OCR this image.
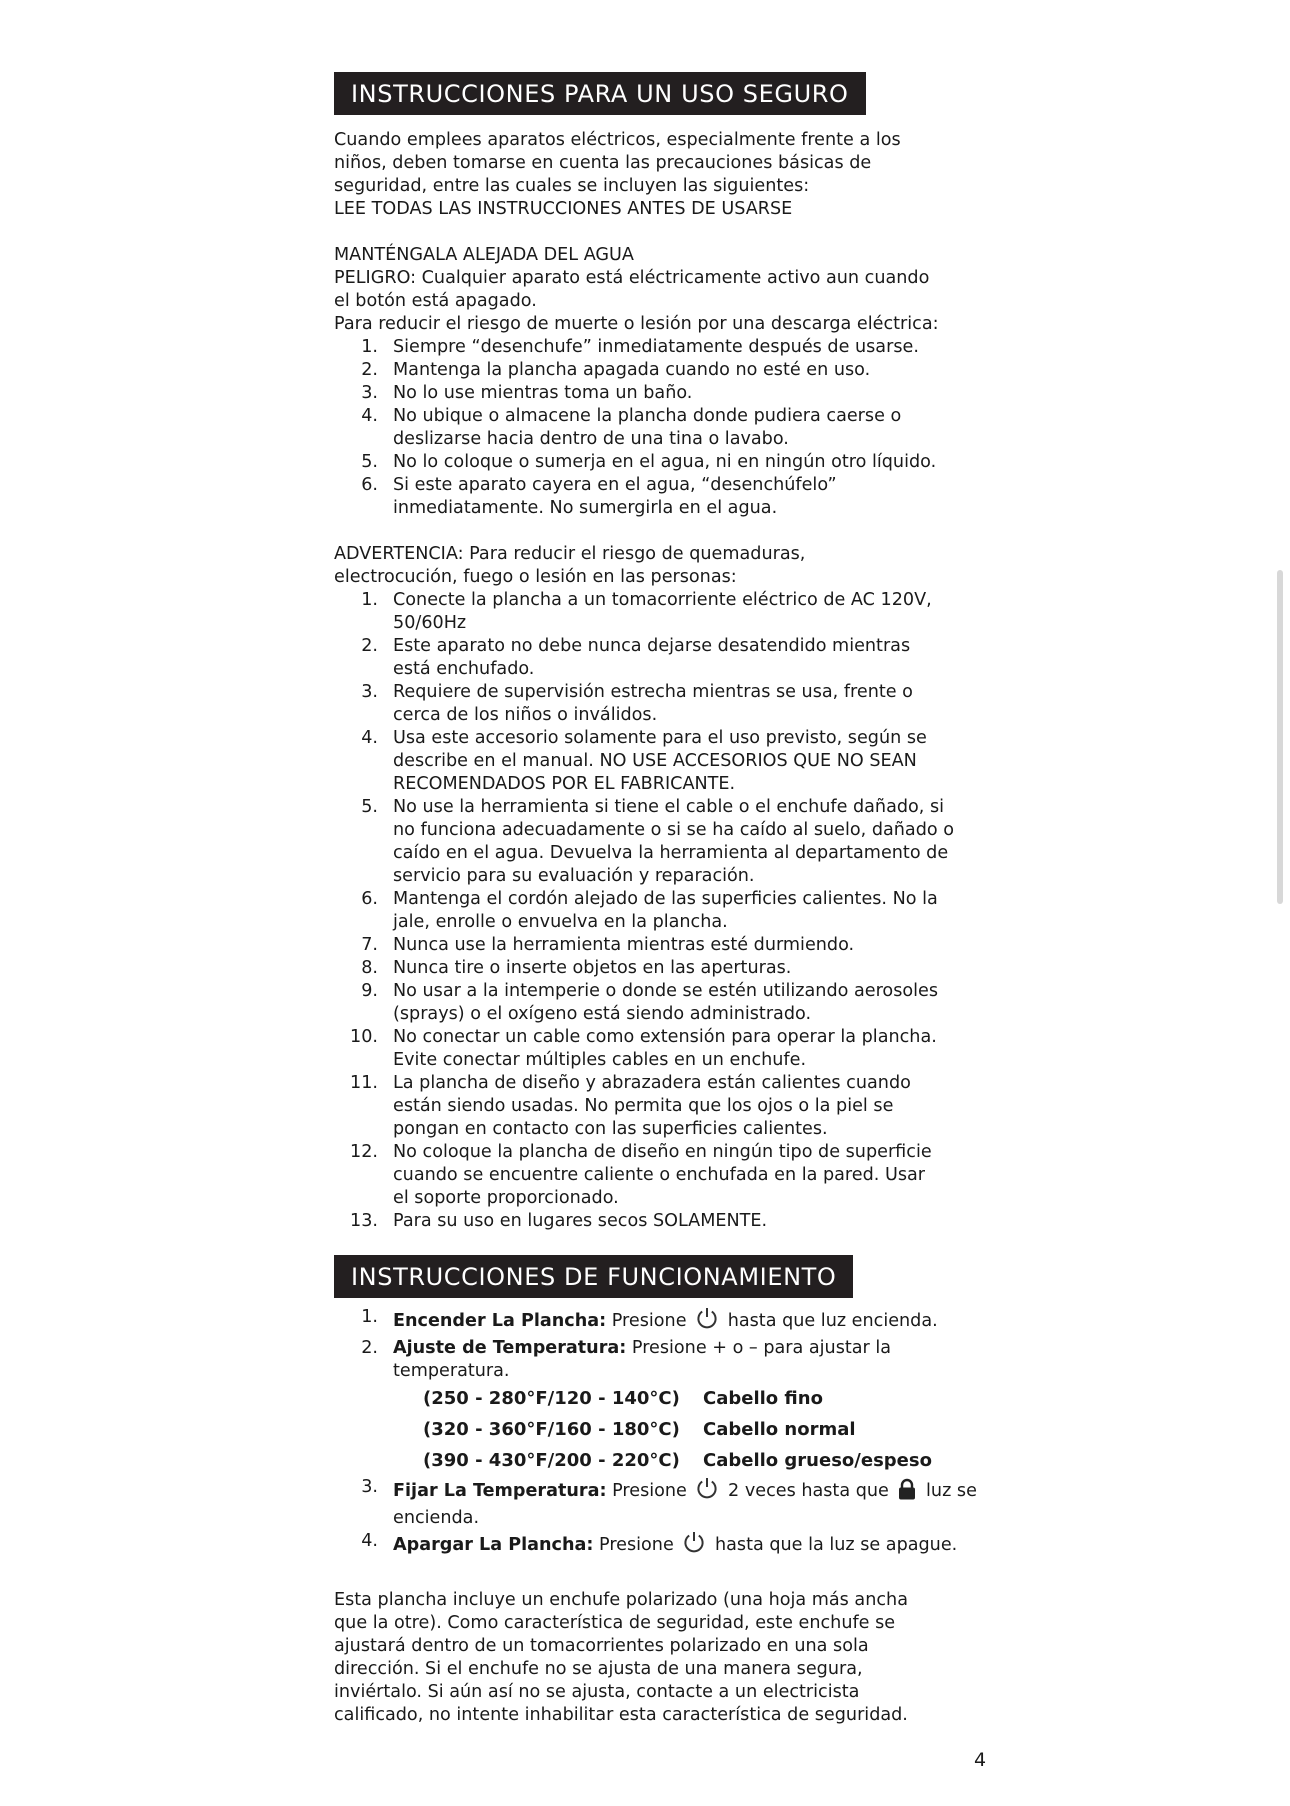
INSTRUCCIONES PARA UN USO SEGURO

Cuando emplees aparatos eléctricos, especialmente frente a los

niños, deben tomarse en cuenta las precauciones básicas de

seguridad, entre las cuales se incluyen las siguientes:

LEE TODAS LAS INSTRUCCIONES ANTES DE USARSE

MANTÉNGALA ALEJADA DEL AGUA

PELIGRO: Cualquier aparato está eléctricamente activo aun cuando

el botón está apagado.

Para reducir el riesgo de muerte o lesión por una descarga eléctrica:

1. Siempre “desenchufe” inmediatamente después de usarse.
2. Mantenga la plancha apagada cuando no esté en uso.
3. No lo use mientras toma un baño.
4. No ubique o almacene la plancha donde pudiera caerse o
deslizarse hacia dentro de una tina o lavabo.
5. No lo coloque o sumerja en el agua, ni en ningún otro líquido.
6. Si este aparato cayera en el agua, “desenchúfelo”
inmediatamente. No sumergirla en el agua.

ADVERTENCIA: Para reducir el riesgo de quemaduras,

electrocución, fuego o lesión en las personas:

1. Conecte la plancha a un tomacorriente eléctrico de AC 120V,
50/60Hz
2. Este aparato no debe nunca dejarse desatendido mientras
está enchufado.
3. Requiere de supervisión estrecha mientras se usa, frente o
cerca de los niños o inválidos.
4. Usa este accesorio solamente para el uso previsto, según se
describe en el manual. NO USE ACCESORIOS QUE NO SEAN
RECOMENDADOS POR EL FABRICANTE.
5. No use la herramienta si tiene el cable o el enchufe dañado, si
no funciona adecuadamente o si se ha caído al suelo, dañado o
caído en el agua. Devuelva la herramienta al departamento de
servicio para su evaluación y reparación.
6. Mantenga el cordón alejado de las superficies calientes. No la
jale, enrolle o envuelva en la plancha.
7. Nunca use la herramienta mientras esté durmiendo.
8. Nunca tire o inserte objetos en las aperturas.
9. No usar a la intemperie o donde se estén utilizando aerosoles
(sprays) o el oxígeno está siendo administrado.
10. No conectar un cable como extensión para operar la plancha.
Evite conectar múltiples cables en un enchufe.
11. La plancha de diseño y abrazadera están calientes cuando
están siendo usadas. No permita que los ojos o la piel se
pongan en contacto con las superficies calientes.
12. No coloque la plancha de diseño en ningún tipo de superficie
cuando se encuentre caliente o enchufada en la pared. Usar
el soporte proporcionado.
13. Para su uso en lugares secos SOLAMENTE.
INSTRUCCIONES DE FUNCIONAMIENTO
1. Encender La Plancha: Presione  hasta que luz encienda.
2. Ajuste de Temperatura: Presione + o – para ajustar la
temperatura.
(250 - 280°F/120 - 140°C) Cabello fino
(320 - 360°F/160 - 180°C) Cabello normal
(390 - 430°F/200 - 220°C) Cabello grueso/espeso
3. Fijar La Temperatura: Presione  2 veces hasta que  luz se
encienda.
4. Apargar La Plancha: Presione  hasta que la luz se apague.

Esta plancha incluye un enchufe polarizado (una hoja más ancha

que la otre). Como característica de seguridad, este enchufe se

ajustará dentro de un tomacorrientes polarizado en una sola

dirección. Si el enchufe no se ajusta de una manera segura,

inviértalo. Si aún así no se ajusta, contacte a un electricista

calificado, no intente inhabilitar esta característica de seguridad.

4
